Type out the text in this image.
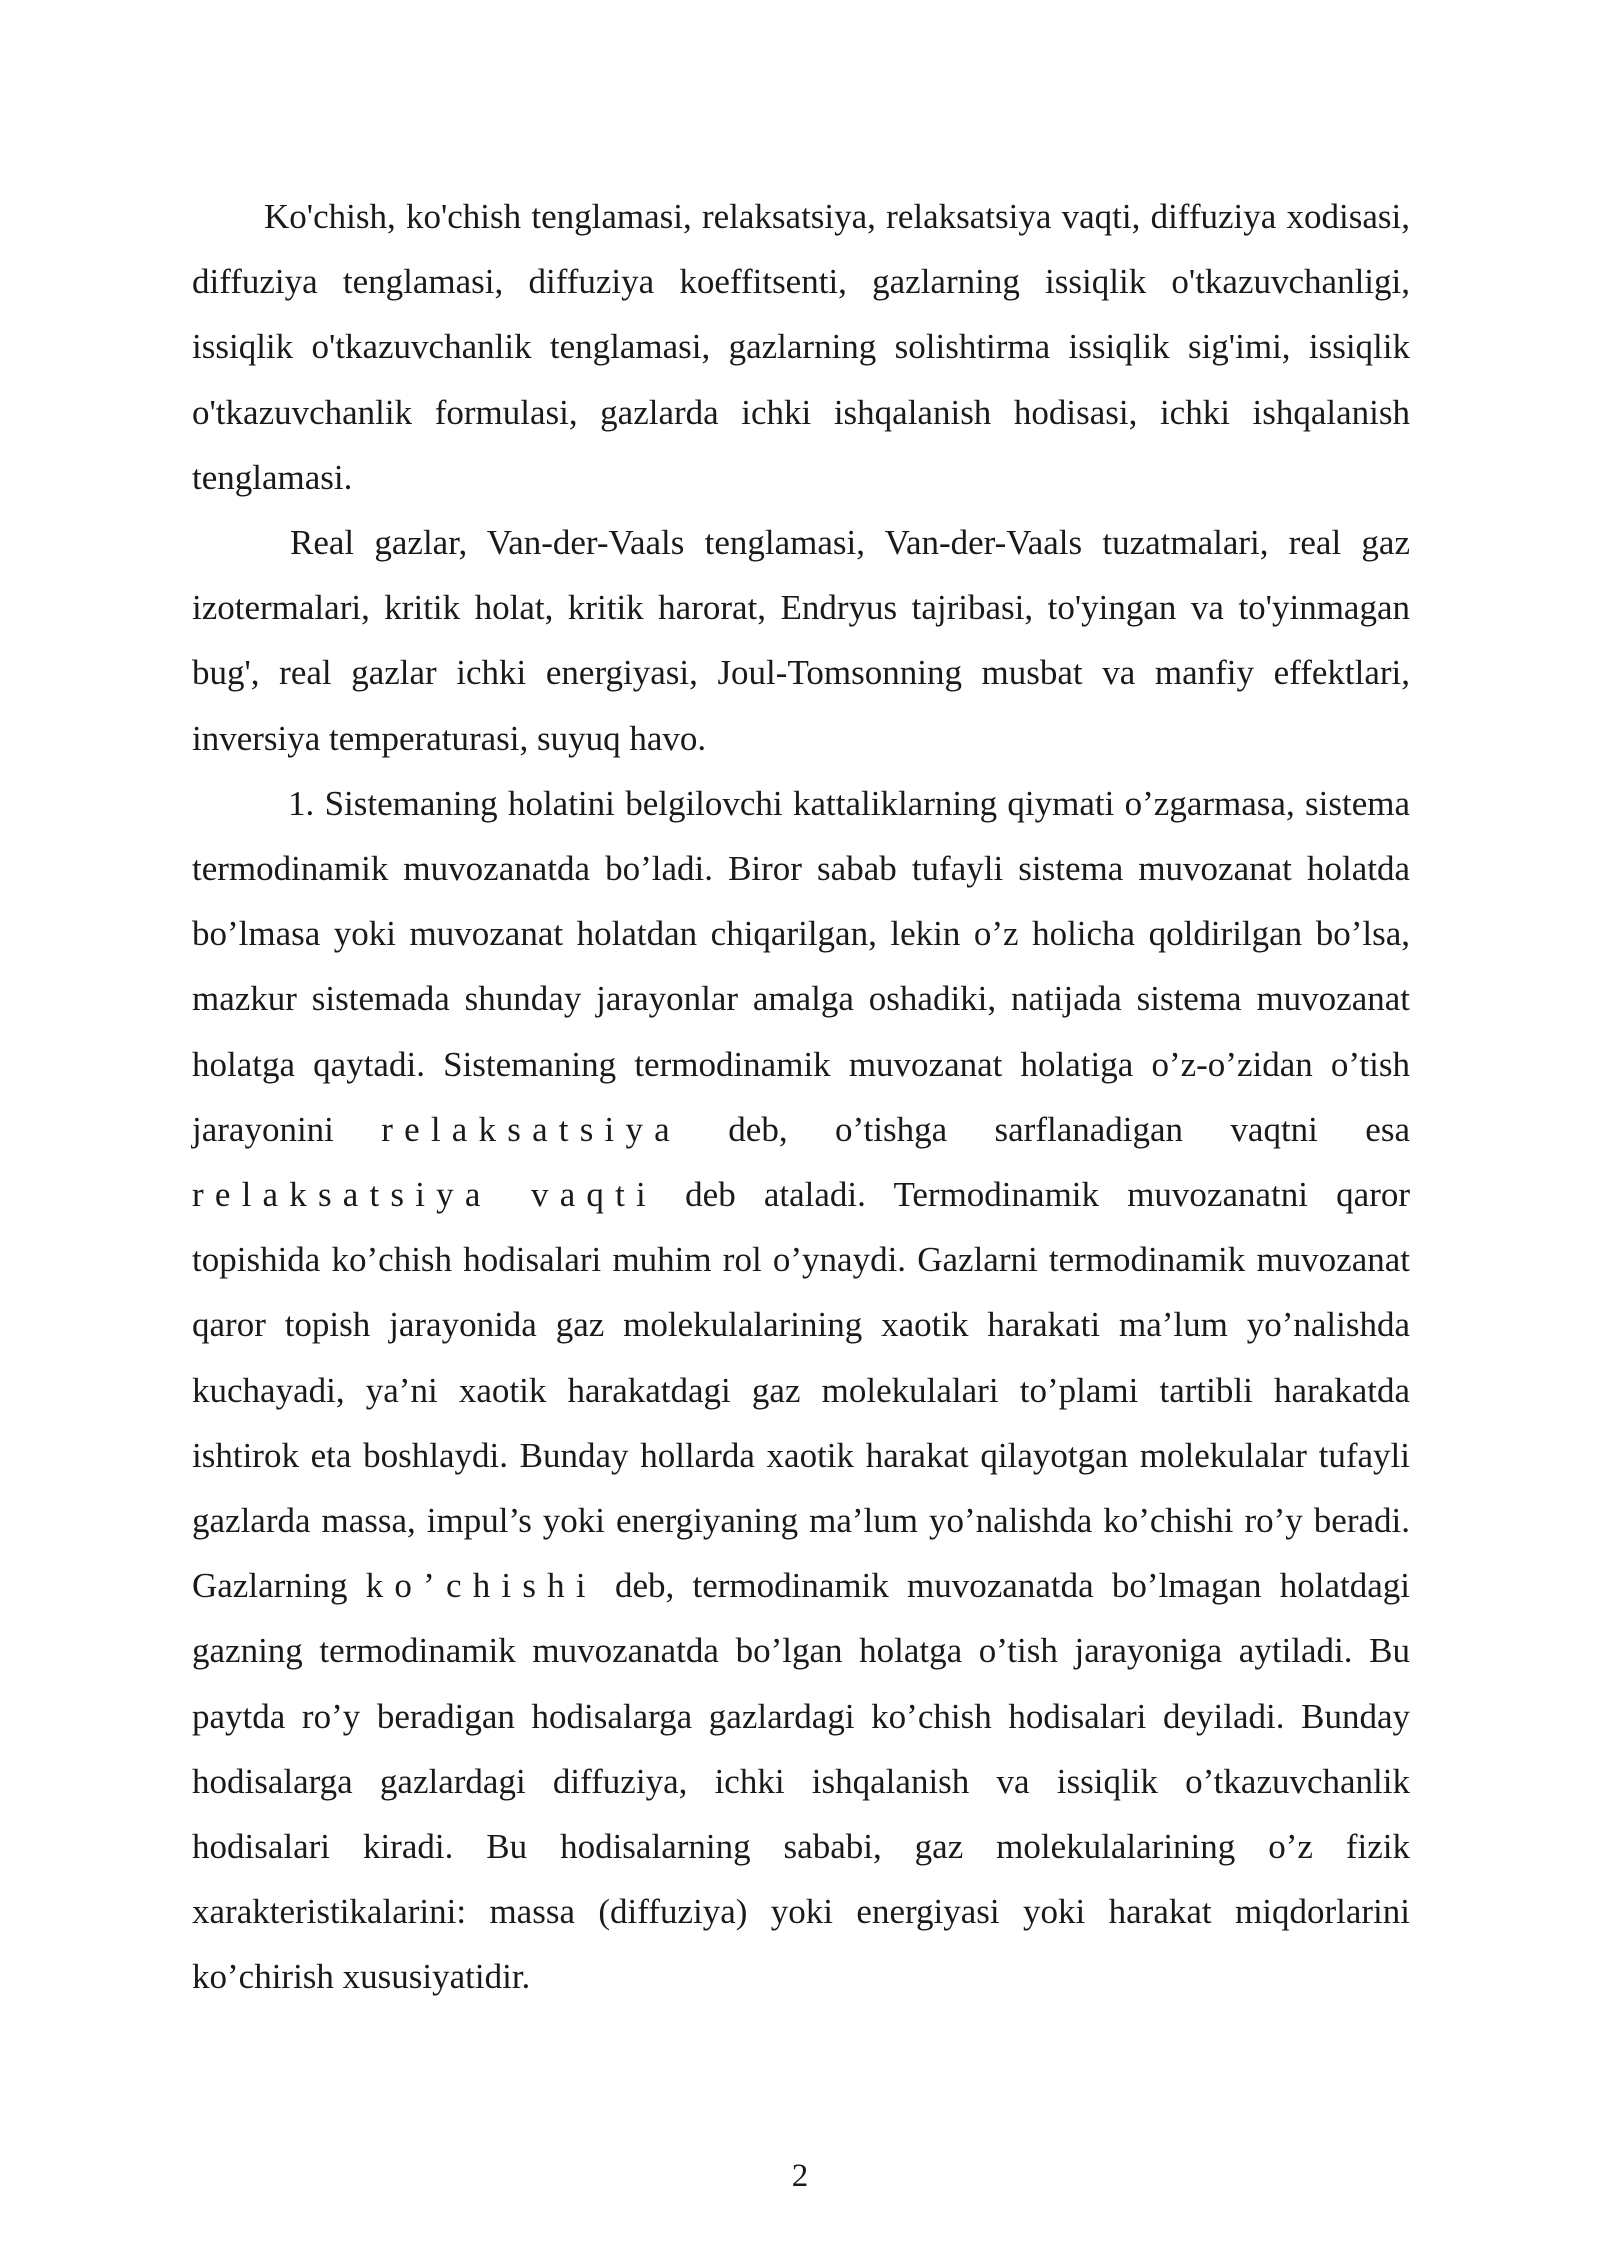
Ko'chish, ko'chish tenglamasi, relaksatsiya, relaksatsiya vaqti, diffuziya xodisasi, diffuziya tenglamasi, diffuziya koeffitsenti, gazlarning issiqlik o'tkazuvchanligi, issiqlik o'tkazuvchanlik tenglamasi, gazlarning solishtirma issiqlik sig'imi, issiqlik o'tkazuvchanlik formulasi, gazlarda ichki ishqalanish hodisasi, ichki ishqalanish tenglamasi.

Real gazlar, Van-der-Vaals tenglamasi, Van-der-Vaals tuzatmalari, real gaz izotermalari, kritik holat, kritik harorat, Endryus tajribasi, to'yingan va to'yinmagan bug', real gazlar ichki energiyasi, Joul-Tomsonning musbat va manfiy effektlari, inversiya temperaturasi, suyuq havo.

1. Sistemaning holatini belgilovchi kattaliklarning qiymati o’zgarmasa, sistema termodinamik muvozanatda bo’ladi. Biror sabab tufayli sistema muvozanat holatda bo’lmasa yoki muvozanat holatdan chiqarilgan, lekin o’z holicha qoldirilgan bo’lsa, mazkur sistemada shunday jarayonlar amalga oshadiki, natijada sistema muvozanat holatga qaytadi. Sistemaning termodinamik muvozanat holatiga o’z-o’zidan o’tish jarayonini relaksatsiya deb, o’tishga sarflanadigan vaqtni esa relaksatsiya vaqti deb ataladi. Termodinamik muvozanatni qaror topishida ko’chish hodisalari muhim rol o’ynaydi. Gazlarni termodinamik muvozanat qaror topish jarayonida gaz molekulalarining xaotik harakati ma’lum yo’nalishda kuchayadi, ya’ni xaotik harakatdagi gaz molekulalari to’plami tartibli harakatda ishtirok eta boshlaydi. Bunday hollarda xaotik harakat qilayotgan molekulalar tufayli gazlarda massa, impul’s yoki energiyaning ma’lum yo’nalishda ko’chishi ro’y beradi. Gazlarning ko’chishi deb, termodinamik muvozanatda bo’lmagan holatdagi gazning termodinamik muvozanatda bo’lgan holatga o’tish jarayoniga aytiladi. Bu paytda ro’y beradigan hodisalarga gazlardagi ko’chish hodisalari deyiladi. Bunday hodisalarga gazlardagi diffuziya, ichki ishqalanish va issiqlik o’tkazuvchanlik hodisalari kiradi. Bu hodisalarning sababi, gaz molekulalarining o’z fizik xarakteristikalarini: massa (diffuziya) yoki energiyasi yoki harakat miqdorlarini ko’chirish xususiyatidir.

2
